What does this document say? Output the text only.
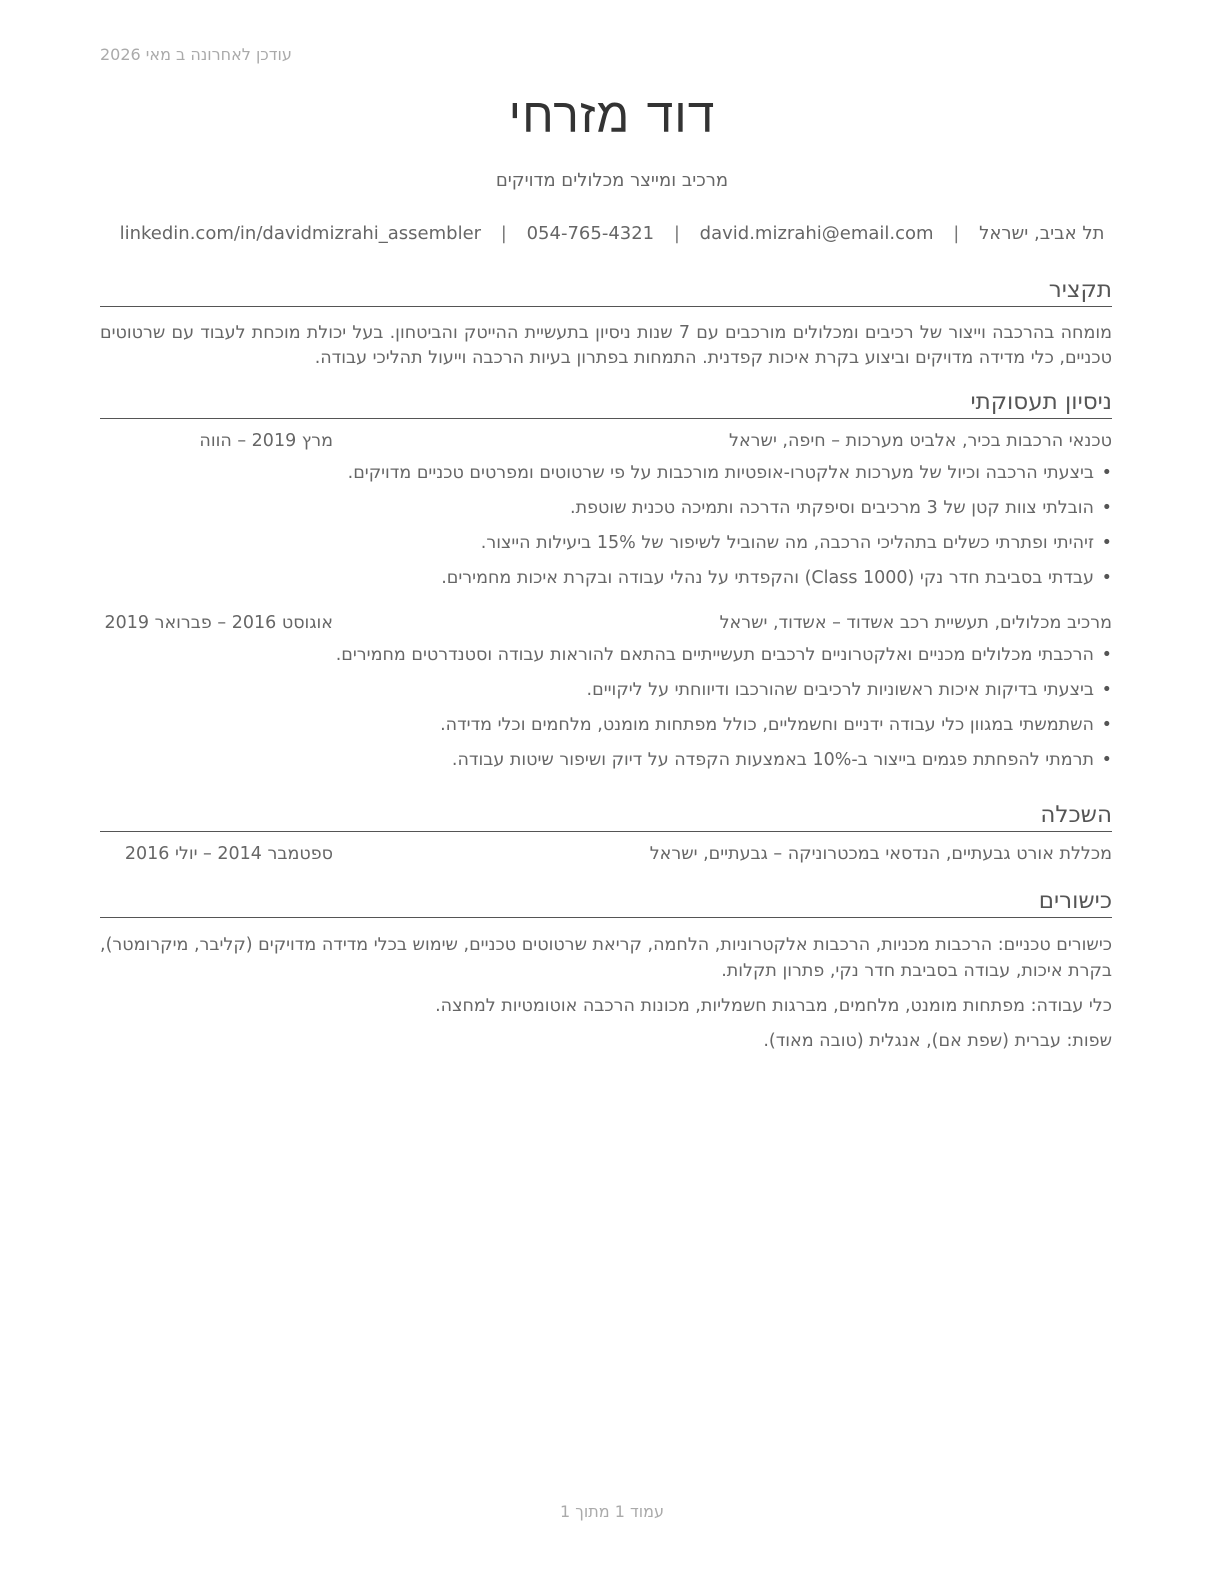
עודכן לאחרונה ב מאי 2026
דוד מזרחי
מרכיב ומייצר מכלולים מדויקים
תל אביב, ישראל | david.mizrahi@email.com | 054-765-4321 | linkedin.com/in/davidmizrahi_assembler
תקציר
מומחה בהרכבה וייצור של רכיבים ומכלולים מורכבים עם 7 שנות ניסיון בתעשיית ההייטק והביטחון. בעל יכולת מוכחת לעבוד עם שרטוטים טכניים, כלי מדידה מדויקים וביצוע בקרת איכות קפדנית. התמחות בפתרון בעיות הרכבה וייעול תהליכי עבודה.
ניסיון תעסוקתי
טכנאי הרכבות בכיר, אלביט מערכות – חיפה, ישראל
מרץ 2019 – הווה
• ביצעתי הרכבה וכיול של מערכות אלקטרו-אופטיות מורכבות על פי שרטוטים ומפרטים טכניים מדויקים.
• הובלתי צוות קטן של 3 מרכיבים וסיפקתי הדרכה ותמיכה טכנית שוטפת.
• זיהיתי ופתרתי כשלים בתהליכי הרכבה, מה שהוביל לשיפור של 15% ביעילות הייצור.
• עבדתי בסביבת חדר נקי (Class 1000) והקפדתי על נהלי עבודה ובקרת איכות מחמירים.
מרכיב מכלולים, תעשיית רכב אשדוד – אשדוד, ישראל
אוגוסט 2016 – פברואר 2019
• הרכבתי מכלולים מכניים ואלקטרוניים לרכבים תעשייתיים בהתאם להוראות עבודה וסטנדרטים מחמירים.
• ביצעתי בדיקות איכות ראשוניות לרכיבים שהורכבו ודיווחתי על ליקויים.
• השתמשתי במגוון כלי עבודה ידניים וחשמליים, כולל מפתחות מומנט, מלחמים וכלי מדידה.
• תרמתי להפחתת פגמים בייצור ב-10% באמצעות הקפדה על דיוק ושיפור שיטות עבודה.
השכלה
מכללת אורט גבעתיים, הנדסאי במכטרוניקה – גבעתיים, ישראל
ספטמבר 2014 – יולי 2016
כישורים
כישורים טכניים: הרכבות מכניות, הרכבות אלקטרוניות, הלחמה, קריאת שרטוטים טכניים, שימוש בכלי מדידה מדויקים (קליבר, מיקרומטר), בקרת איכות, עבודה בסביבת חדר נקי, פתרון תקלות.
כלי עבודה: מפתחות מומנט, מלחמים, מברגות חשמליות, מכונות הרכבה אוטומטיות למחצה.
שפות: עברית (שפת אם), אנגלית (טובה מאוד).
עמוד 1 מתוך 1
